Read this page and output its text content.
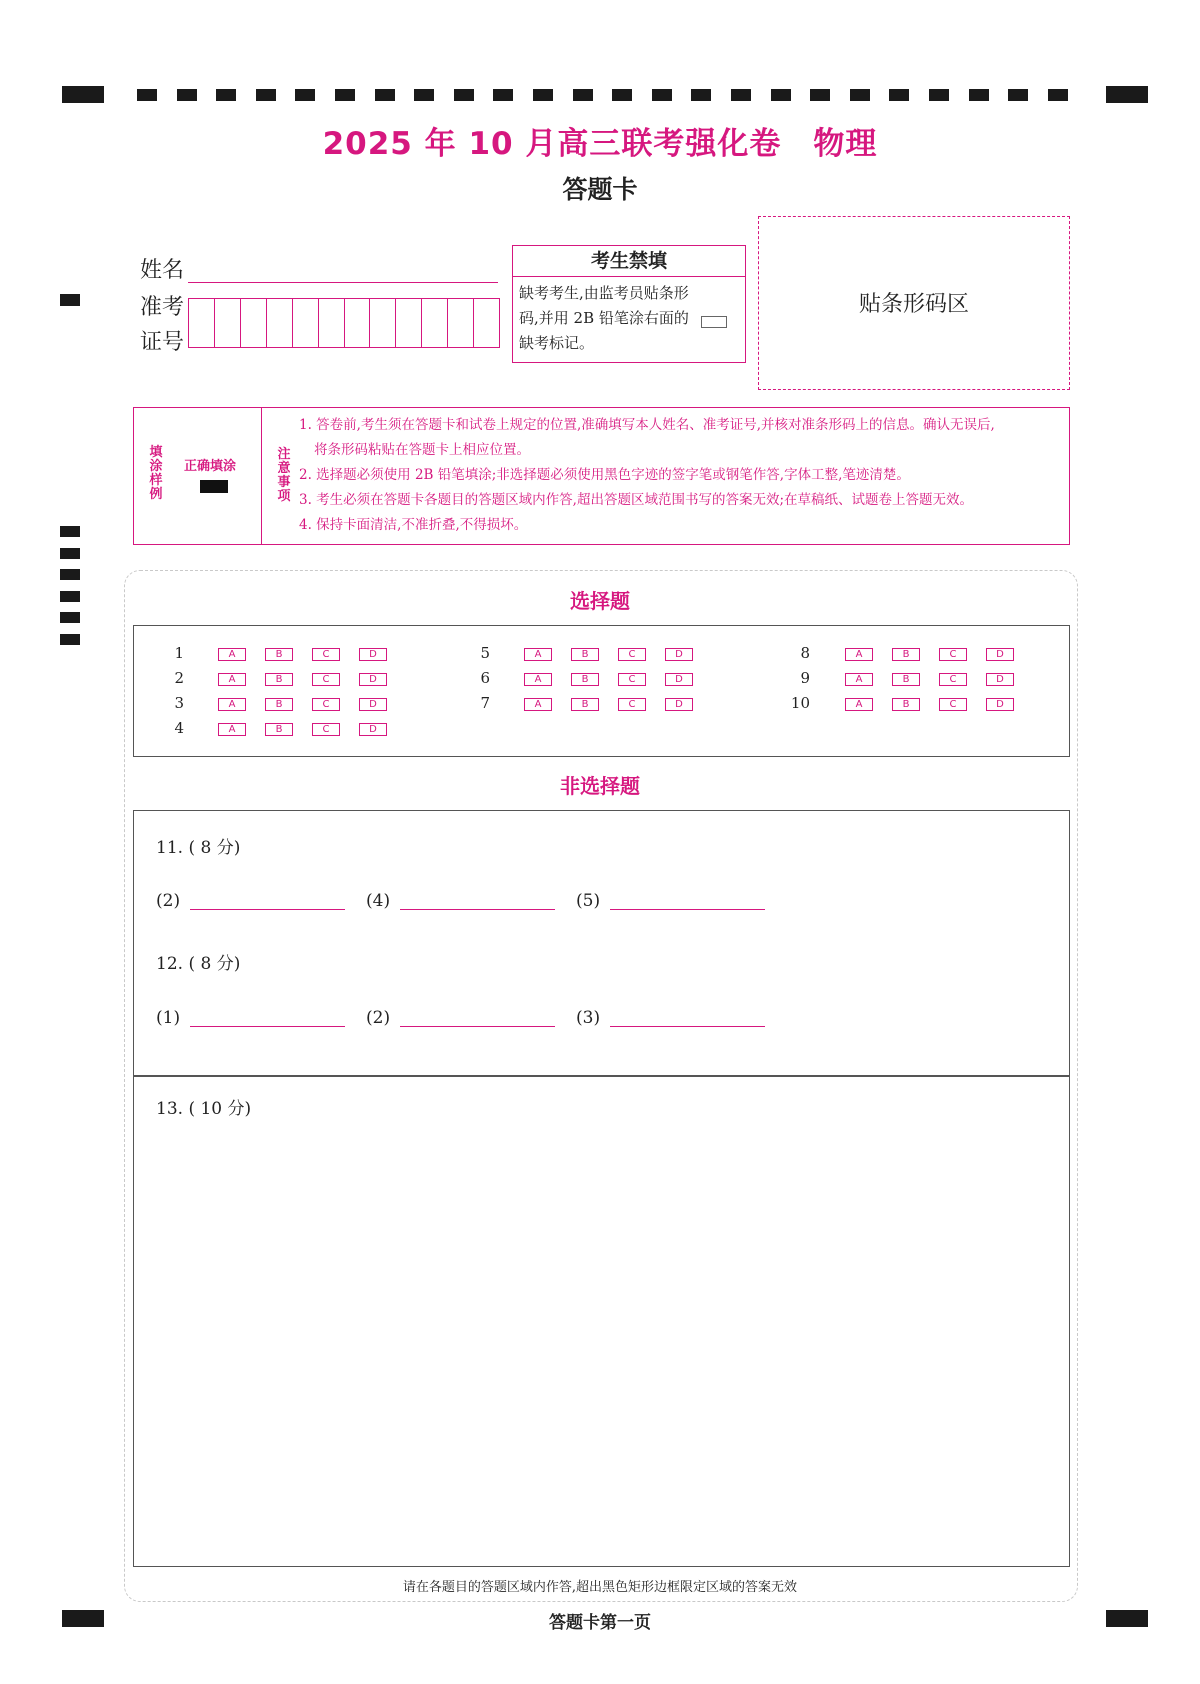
2025 年 10 月高三联考强化卷　物理
答题卡
姓名
准考
证号
考生禁填
缺考考生,由监考员贴条形码,并用 2B 铅笔涂右面的缺考标记。
贴条形码区
填
涂
样
例
正确填涂
注
意
事
项
1. 答卷前,考生须在答题卡和试卷上规定的位置,准确填写本人姓名、准考证号,并核对准条形码上的信息。确认无误后,
将条形码粘贴在答题卡上相应位置。
2. 选择题必须使用 2B 铅笔填涂;非选择题必须使用黑色字迹的签字笔或钢笔作答,字体工整,笔迹清楚。
3. 考生必须在答题卡各题目的答题区域内作答,超出答题区域范围书写的答案无效;在草稿纸、试题卷上答题无效。
4. 保持卡面清洁,不准折叠,不得损坏。
选择题
1	A	B	C	D
2	A	B	C	D
3	A	B	C	D
4	A	B	C	D
5	A	B	C	D
6	A	B	C	D
7	A	B	C	D
8	A	B	C	D
9	A	B	C	D
10	A	B	C	D
非选择题
11. ( 8 分)
(2)	(4)	(5)
12. ( 8 分)
(1)	(2)	(3)
13. ( 10 分)
请在各题目的答题区域内作答,超出黑色矩形边框限定区域的答案无效
答题卡第一页
